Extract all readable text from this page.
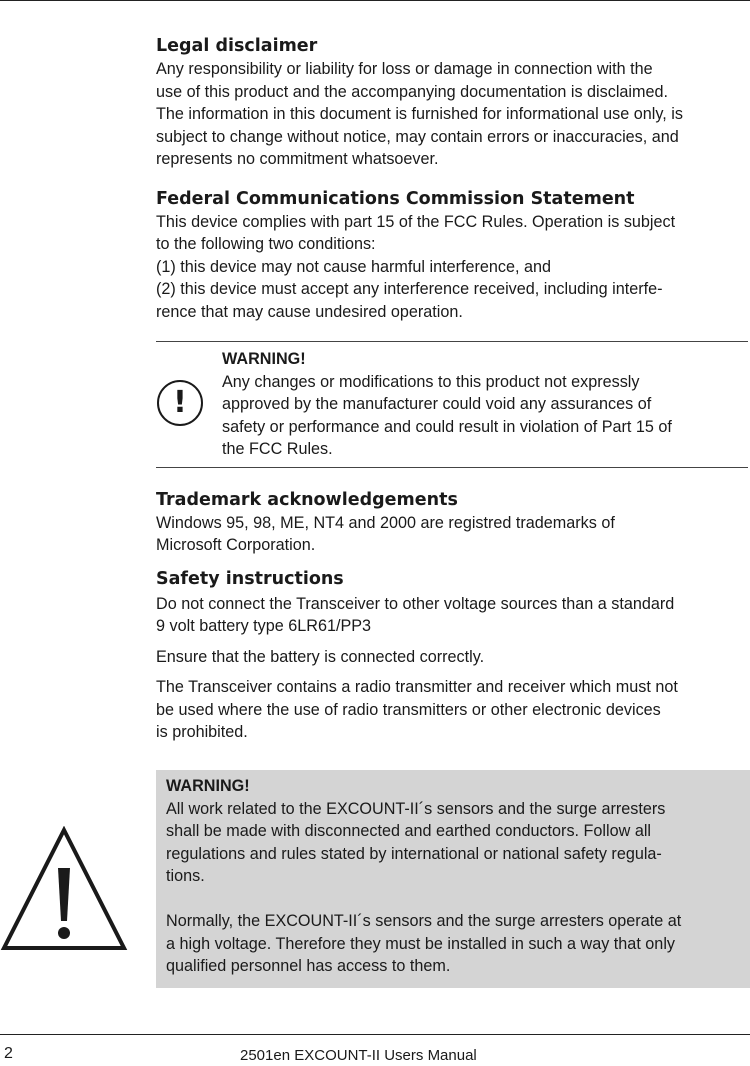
Legal disclaimer

Any responsibility or liability for loss or damage in connection with the

use of this product and the accompanying documentation is disclaimed.

The information in this document is furnished for informational use only, is

subject to change without notice, may contain errors or inaccuracies, and

represents no commitment whatsoever.

Federal Communications Commission Statement

This device complies with part 15 of the FCC Rules. Operation is subject

to the following two conditions:

(1) this device may not cause harmful interference, and

(2) this device must accept any interference received, including interfe-

rence that may cause undesired operation.

!
WARNING!

Any changes or modifications to this product not expressly

approved by the manufacturer could void any assurances of

safety or performance and could result in violation of Part 15 of

the FCC Rules.

Trademark acknowledgements

Windows 95, 98, ME, NT4 and 2000 are registred trademarks of

Microsoft Corporation.

Safety instructions

Do not connect the Transceiver to other voltage sources than a standard

9 volt battery type 6LR61/PP3

Ensure that the battery is connected correctly.

The Transceiver contains a radio transmitter and receiver which must not

be used where the use of radio transmitters or other electronic devices

is prohibited.

WARNING!

All work related to the EXCOUNT-II´s sensors and the surge arresters

shall be made with disconnected and earthed conductors. Follow all

regulations and rules stated by international or national safety regula-

tions.

Normally, the EXCOUNT-II´s sensors and the surge arresters operate at

a high voltage. Therefore they must be installed in such a way that only

qualified personnel has access to them.

2	2501en EXCOUNT-II Users Manual
